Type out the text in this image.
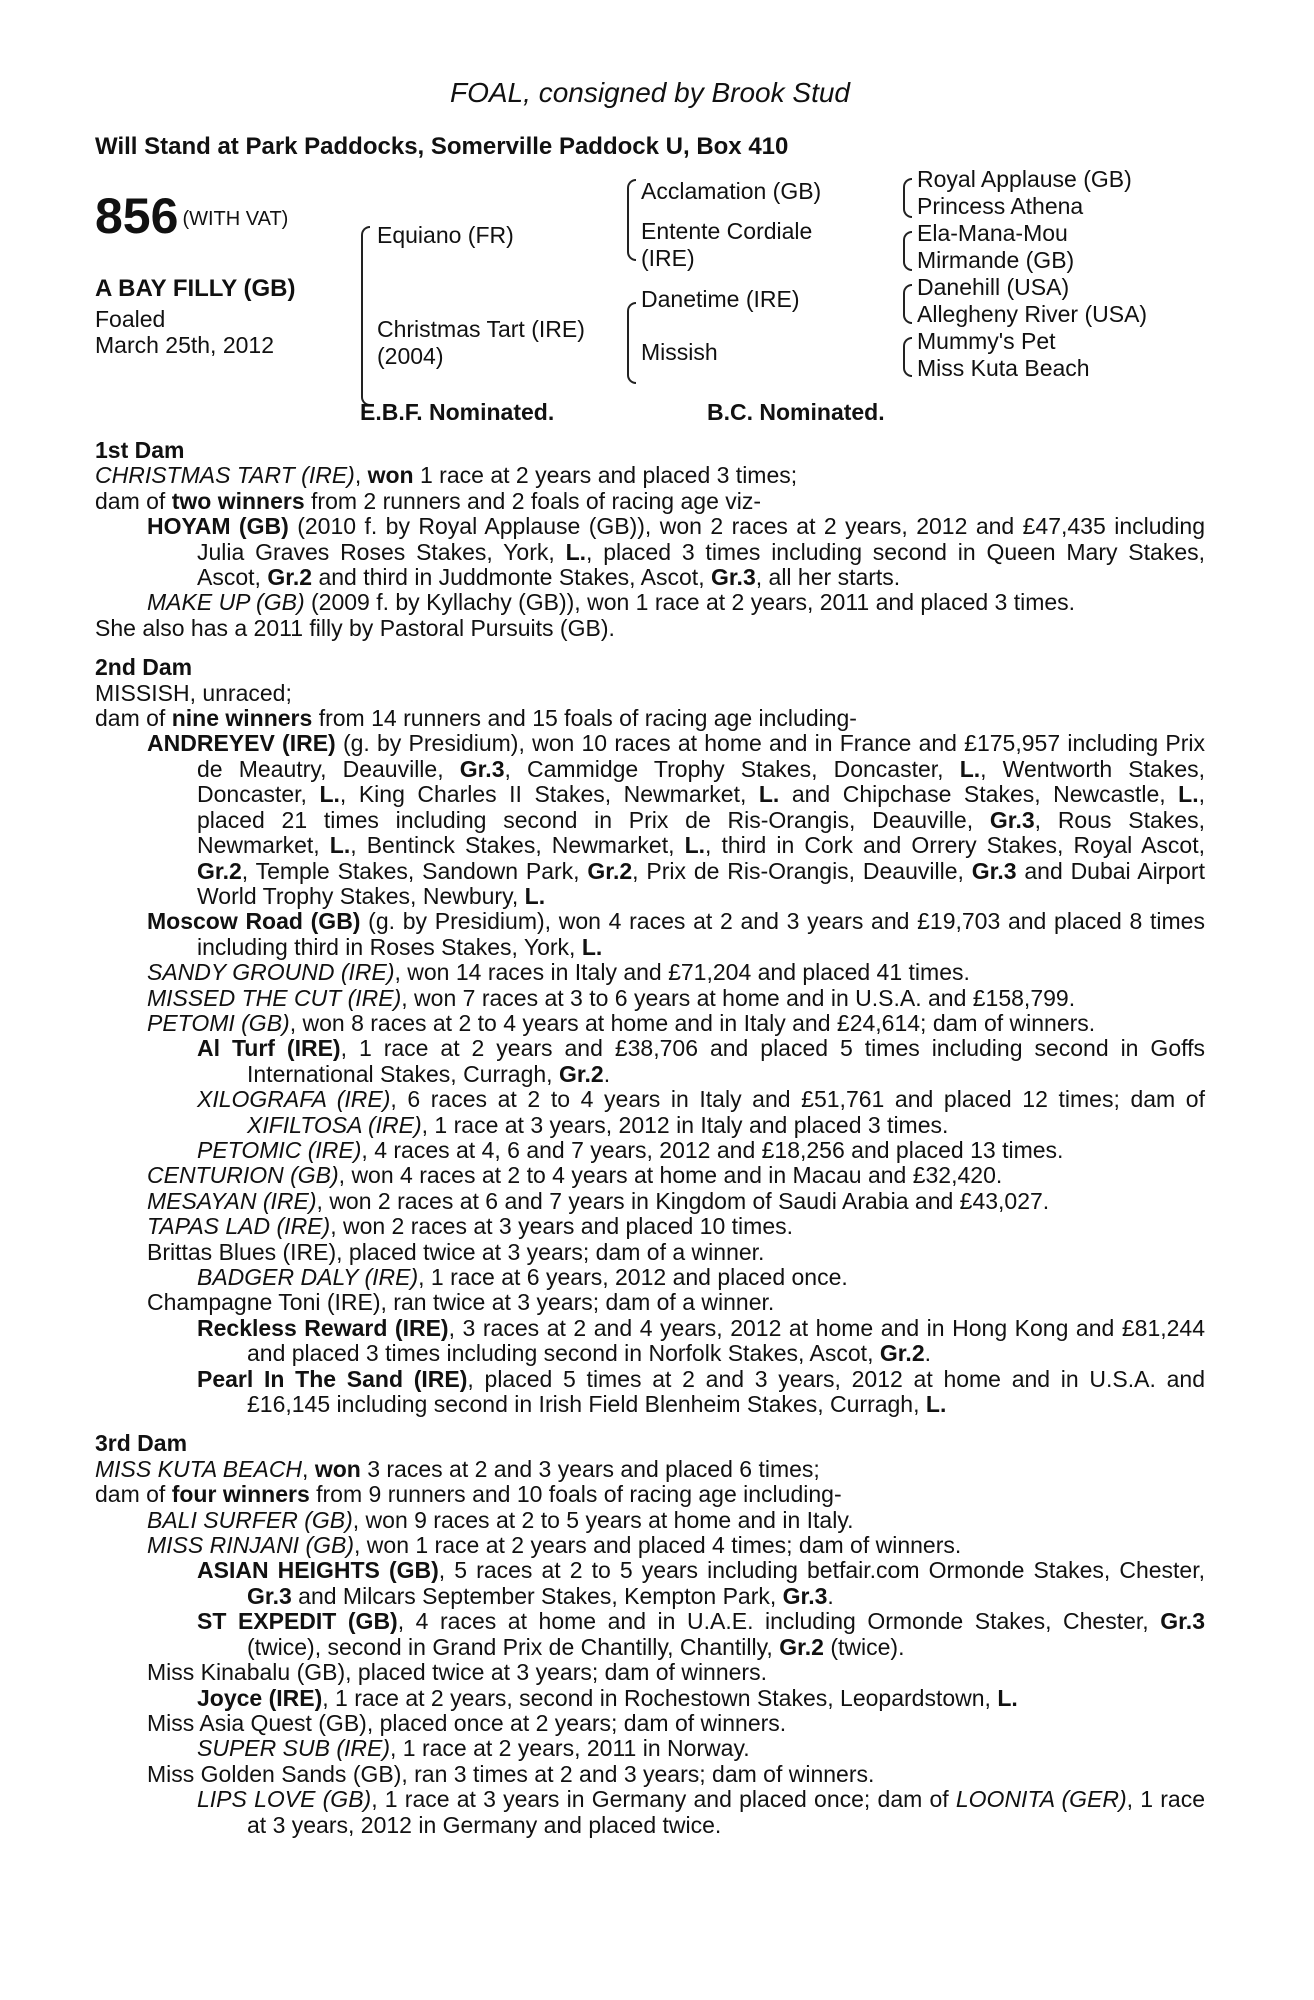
FOAL, consigned by Brook Stud

Will Stand at Park Paddocks, Somerville Paddock U, Box 410
856 (WITH VAT)
A BAY FILLY (GB)
Foaled
March 25th, 2012
Equiano (FR)
Christmas Tart (IRE)
(2004)
Acclamation (GB)
Entente Cordiale
(IRE)
Danetime (IRE)
Missish
Royal Applause (GB)
Princess Athena
Ela-Mana-Mou
Mirmande (GB)
Danehill (USA)
Allegheny River (USA)
Mummy's Pet
Miss Kuta Beach
E.B.F. Nominated.	B.C. Nominated.
1st Dam

CHRISTMAS TART (IRE), won 1 race at 2 years and placed 3 times;

dam of two winners from 2 runners and 2 foals of racing age viz-

HOYAM (GB) (2010 f. by Royal Applause (GB)), won 2 races at 2 years, 2012 and £47,435 including Julia Graves Roses Stakes, York, L., placed 3 times including second in Queen Mary Stakes, Ascot, Gr.2 and third in Juddmonte Stakes, Ascot, Gr.3, all her starts.

MAKE UP (GB) (2009 f. by Kyllachy (GB)), won 1 race at 2 years, 2011 and placed 3 times.

She also has a 2011 filly by Pastoral Pursuits (GB).

2nd Dam

MISSISH, unraced;

dam of nine winners from 14 runners and 15 foals of racing age including-

ANDREYEV (IRE) (g. by Presidium), won 10 races at home and in France and £175,957 including Prix de Meautry, Deauville, Gr.3, Cammidge Trophy Stakes, Doncaster, L., Wentworth Stakes, Doncaster, L., King Charles II Stakes, Newmarket, L. and Chipchase Stakes, Newcastle, L., placed 21 times including second in Prix de Ris-Orangis, Deauville, Gr.3, Rous Stakes, Newmarket, L., Bentinck Stakes, Newmarket, L., third in Cork and Orrery Stakes, Royal Ascot, Gr.2, Temple Stakes, Sandown Park, Gr.2, Prix de Ris-Orangis, Deauville, Gr.3 and Dubai Airport World Trophy Stakes, Newbury, L.

Moscow Road (GB) (g. by Presidium), won 4 races at 2 and 3 years and £19,703 and placed 8 times including third in Roses Stakes, York, L.

SANDY GROUND (IRE), won 14 races in Italy and £71,204 and placed 41 times.

MISSED THE CUT (IRE), won 7 races at 3 to 6 years at home and in U.S.A. and £158,799.

PETOMI (GB), won 8 races at 2 to 4 years at home and in Italy and £24,614; dam of winners.

Al Turf (IRE), 1 race at 2 years and £38,706 and placed 5 times including second in Goffs International Stakes, Curragh, Gr.2.

XILOGRAFA (IRE), 6 races at 2 to 4 years in Italy and £51,761 and placed 12 times; dam of XIFILTOSA (IRE), 1 race at 3 years, 2012 in Italy and placed 3 times.

PETOMIC (IRE), 4 races at 4, 6 and 7 years, 2012 and £18,256 and placed 13 times.

CENTURION (GB), won 4 races at 2 to 4 years at home and in Macau and £32,420.

MESAYAN (IRE), won 2 races at 6 and 7 years in Kingdom of Saudi Arabia and £43,027.

TAPAS LAD (IRE), won 2 races at 3 years and placed 10 times.

Brittas Blues (IRE), placed twice at 3 years; dam of a winner.

BADGER DALY (IRE), 1 race at 6 years, 2012 and placed once.

Champagne Toni (IRE), ran twice at 3 years; dam of a winner.

Reckless Reward (IRE), 3 races at 2 and 4 years, 2012 at home and in Hong Kong and £81,244 and placed 3 times including second in Norfolk Stakes, Ascot, Gr.2.

Pearl In The Sand (IRE), placed 5 times at 2 and 3 years, 2012 at home and in U.S.A. and £16,145 including second in Irish Field Blenheim Stakes, Curragh, L.

3rd Dam

MISS KUTA BEACH, won 3 races at 2 and 3 years and placed 6 times;

dam of four winners from 9 runners and 10 foals of racing age including-

BALI SURFER (GB), won 9 races at 2 to 5 years at home and in Italy.

MISS RINJANI (GB), won 1 race at 2 years and placed 4 times; dam of winners.

ASIAN HEIGHTS (GB), 5 races at 2 to 5 years including betfair.com Ormonde Stakes, Chester, Gr.3 and Milcars September Stakes, Kempton Park, Gr.3.

ST EXPEDIT (GB), 4 races at home and in U.A.E. including Ormonde Stakes, Chester, Gr.3 (twice), second in Grand Prix de Chantilly, Chantilly, Gr.2 (twice).

Miss Kinabalu (GB), placed twice at 3 years; dam of winners.

Joyce (IRE), 1 race at 2 years, second in Rochestown Stakes, Leopardstown, L.

Miss Asia Quest (GB), placed once at 2 years; dam of winners.

SUPER SUB (IRE), 1 race at 2 years, 2011 in Norway.

Miss Golden Sands (GB), ran 3 times at 2 and 3 years; dam of winners.

LIPS LOVE (GB), 1 race at 3 years in Germany and placed once; dam of LOONITA (GER), 1 race at 3 years, 2012 in Germany and placed twice.
